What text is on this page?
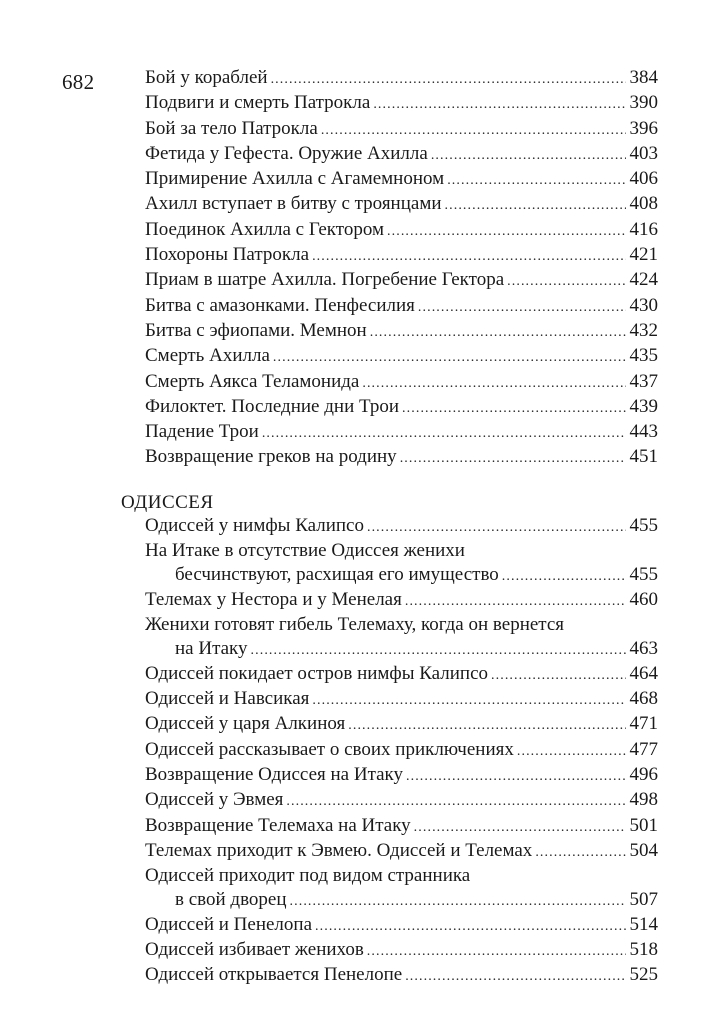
682	Бой у кораблей . . .	384
Подвиги и смерть Патрокла . . .	390
Бой за тело Патрокла . . .	396
Фетида у Гефеста. Оружие Ахилла . . .	403
Примирение Ахилла с Агамемноном . . .	406
Ахилл вступает в битву с троянцами . . .	408
Поединок Ахилла с Гектором . . .	416
Похороны Патрокла . . .	421
Приам в шатре Ахилла. Погребение Гектора . . .	424
Битва с амазонками. Пенфесилия . . .	430
Битва с эфиопами. Мемнон . . .	432
Смерть Ахилла . . .	435
Смерть Аякса Теламонида . . .	437
Филоктет. Последние дни Трои . . .	439
Падение Трои . . .	443
Возвращение греков на родину . . .	451
ОДИССЕЯ
Одиссей у нимфы Калипсо . . .	455
На Итаке в отсутствие Одиссея женихи
бесчинствуют, расхищая его имущество . . .	455
Телемах у Нестора и у Менелая . . .	460
Женихи готовят гибель Телемаху, когда он вернется
на Итаку . . .	463
Одиссей покидает остров нимфы Калипсо . . .	464
Одиссей и Навсикая . . .	468
Одиссей у царя Алкиноя . . .	471
Одиссей рассказывает о своих приключениях . . .	477
Возвращение Одиссея на Итаку . . .	496
Одиссей у Эвмея . . .	498
Возвращение Телемаха на Итаку . . .	501
Телемах приходит к Эвмею. Одиссей и Телемах . . .	504
Одиссей приходит под видом странника
в свой дворец . . .	507
Одиссей и Пенелопа . . .	514
Одиссей избивает женихов . . .	518
Одиссей открывается Пенелопе . . .	525
